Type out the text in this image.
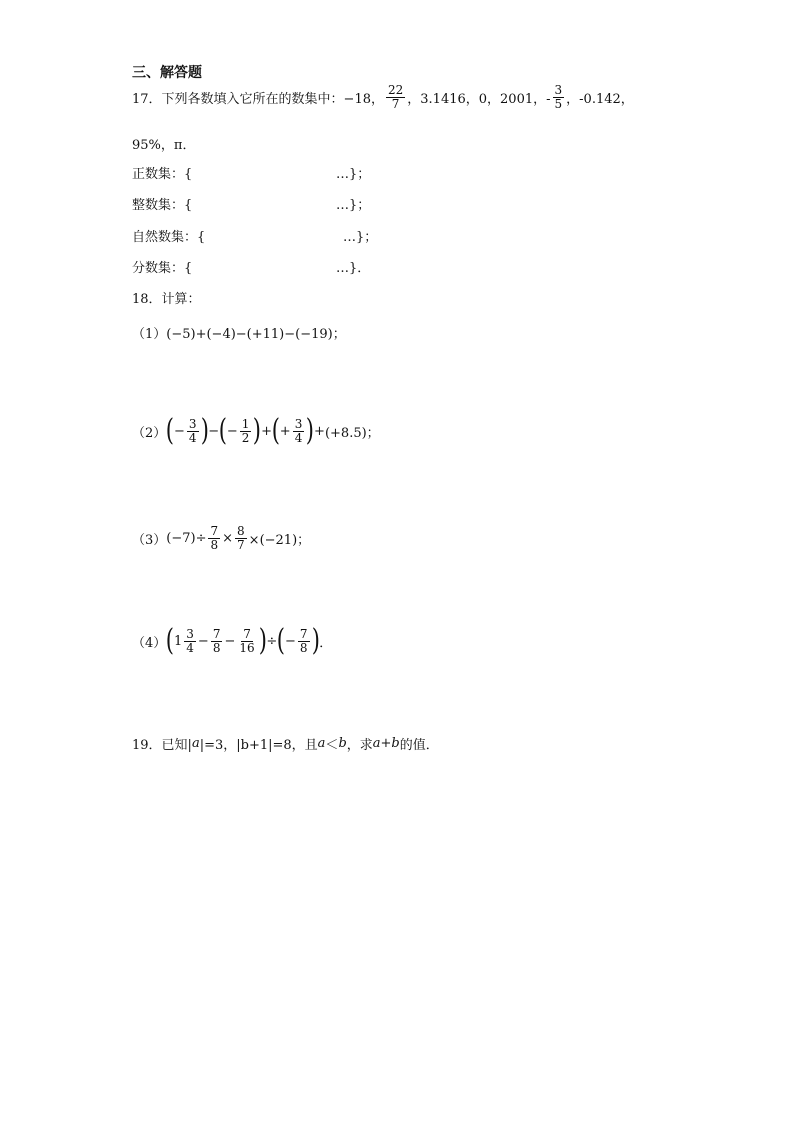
三、解答题
17．下列各数填入它所在的数集中： −18， $\frac{22}{7}$ ，3.1416，0，2001，- $\frac{3}{5}$ ，-0.142，
95%，π．
正数集：{	…}；
整数集：{	…}；
自然数集：{	…}；
分数集：{	…}．
18．计算：
（1） (−5)+(−4)−(+11)−(−19)；
（2） ( − $\frac{3}{4}$ ) − ( − $\frac{1}{2}$ ) + ( + $\frac{3}{4}$ ) + (+8.5)；
（3） $(-7)\div \frac{7}{8} \times \frac{8}{7} \times(-21)$；
（4） ( $1 \frac{3}{4} - \frac{7}{8} - \frac{7}{16}$ ) ÷ ( − $\frac{7}{8}$ ) ．
19．已知| a |=3，|b+1|=8，且 a ＜ b ，求 a+b 的值．
